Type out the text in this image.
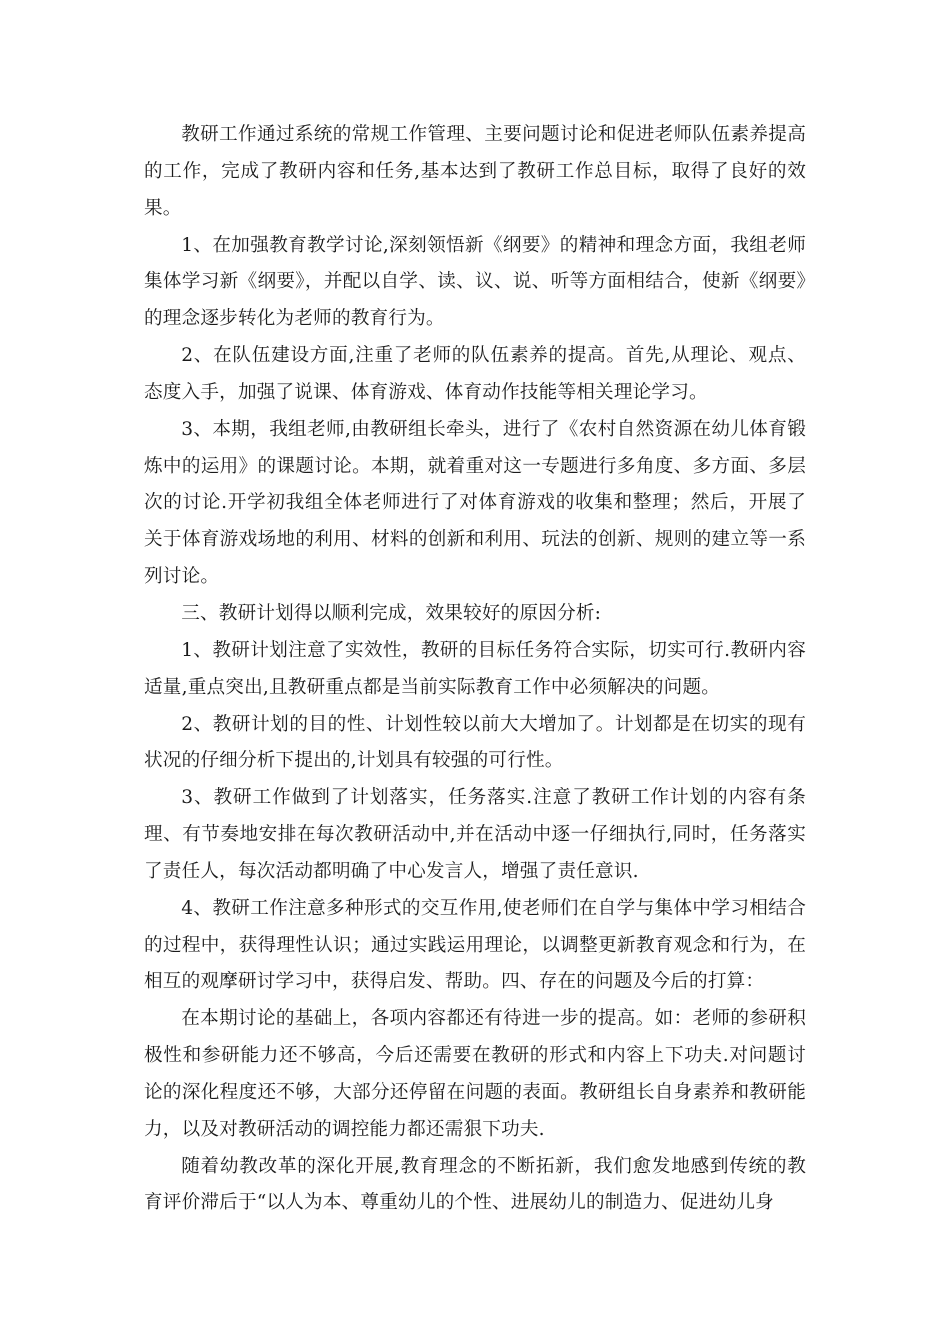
教研工作通过系统的常规工作管理、主要问题讨论和促进老师队伍素养提高的工作，完成了教研内容和任务,基本达到了教研工作总目标，取得了良好的效果。

1、在加强教育教学讨论,深刻领悟新《纲要》的精神和理念方面，我组老师集体学习新《纲要》，并配以自学、读、议、说、听等方面相结合，使新《纲要》的理念逐步转化为老师的教育行为。

2、在队伍建设方面,注重了老师的队伍素养的提高。首先,从理论、观点、态度入手，加强了说课、体育游戏、体育动作技能等相关理论学习。

3、本期，我组老师,由教研组长牵头，进行了《农村自然资源在幼儿体育锻炼中的运用》的课题讨论。本期，就着重对这一专题进行多角度、多方面、多层次的讨论.开学初我组全体老师进行了对体育游戏的收集和整理；然后，开展了关于体育游戏场地的利用、材料的创新和利用、玩法的创新、规则的建立等一系列讨论。

三、教研计划得以顺利完成，效果较好的原因分析:

1、教研计划注意了实效性，教研的目标任务符合实际，切实可行.教研内容适量,重点突出,且教研重点都是当前实际教育工作中必须解决的问题。

2、教研计划的目的性、计划性较以前大大增加了。计划都是在切实的现有状况的仔细分析下提出的,计划具有较强的可行性。

3、教研工作做到了计划落实，任务落实.注意了教研工作计划的内容有条理、有节奏地安排在每次教研活动中,并在活动中逐一仔细执行,同时，任务落实了责任人，每次活动都明确了中心发言人，增强了责任意识.

4、教研工作注意多种形式的交互作用,使老师们在自学与集体中学习相结合的过程中，获得理性认识；通过实践运用理论，以调整更新教育观念和行为，在相互的观摩研讨学习中，获得启发、帮助。四、存在的问题及今后的打算：

在本期讨论的基础上，各项内容都还有待进一步的提高。如：老师的参研积极性和参研能力还不够高，今后还需要在教研的形式和内容上下功夫.对问题讨论的深化程度还不够，大部分还停留在问题的表面。教研组长自身素养和教研能力，以及对教研活动的调控能力都还需狠下功夫.

随着幼教改革的深化开展,教育理念的不断拓新，我们愈发地感到传统的教育评价滞后于“以人为本、尊重幼儿的个性、进展幼儿的制造力、促进幼儿身
